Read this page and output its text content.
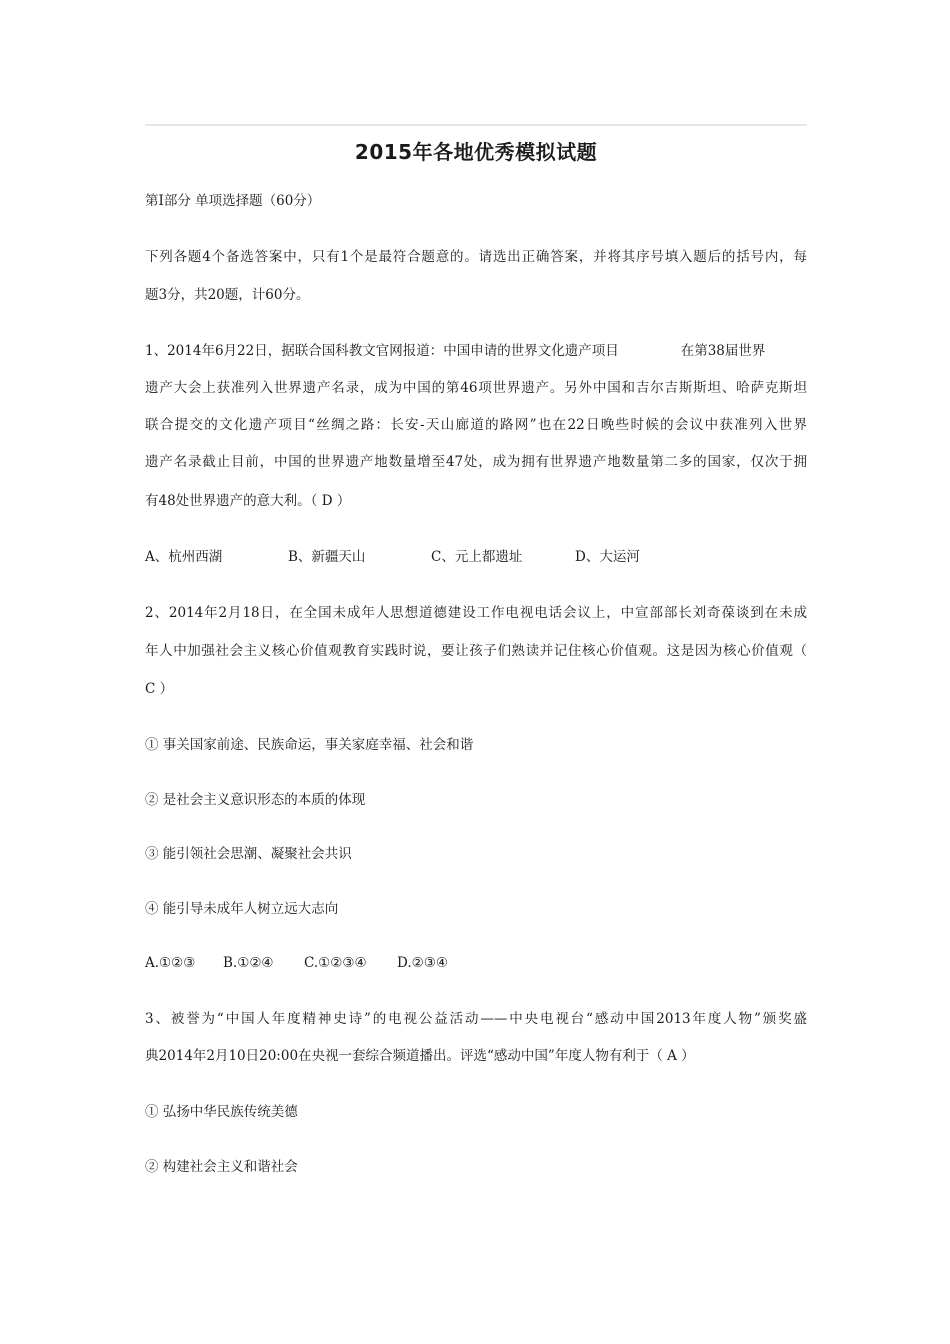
2015年各地优秀模拟试题
第Ⅰ部分 单项选择题（60分）
下列各题4个备选答案中，只有1个是最符合题意的。请选出正确答案，并将其序号填入题后的括号内，每
题3分，共20题，计60分。
1、2014年6月22日，据联合国科教文官网报道：中国申请的世界文化遗产项目	在第38届世界
遗产大会上获准列入世界遗产名录，成为中国的第46项世界遗产。另外中国和吉尔吉斯斯坦、哈萨克斯坦
联合提交的文化遗产项目“丝绸之路：长安-天山廊道的路网”也在22日晚些时候的会议中获准列入世界
遗产名录截止目前，中国的世界遗产地数量增至47处，成为拥有世界遗产地数量第二多的国家，仅次于拥
有48处世界遗产的意大利。（ D ）
A、杭州西湖	B、新疆天山	C、元上都遗址	D、大运河
2、2014年2月18日，在全国未成年人思想道德建设工作电视电话会议上，中宣部部长刘奇葆谈到在未成
年人中加强社会主义核心价值观教育实践时说，要让孩子们熟读并记住核心价值观。这是因为核心价值观（
C ）
① 事关国家前途、民族命运，事关家庭幸福、社会和谐
② 是社会主义意识形态的本质的体现
③ 能引领社会思潮、凝聚社会共识
④ 能引导未成年人树立远大志向
A.①②③ B.①②④ C.①②③④ D.②③④
3、被誉为“中国人年度精神史诗”的电视公益活动——中央电视台“感动中国2013年度人物”颁奖盛
典2014年2月10日20:00在央视一套综合频道播出。评选“感动中国”年度人物有利于（ A ）
① 弘扬中华民族传统美德
② 构建社会主义和谐社会
